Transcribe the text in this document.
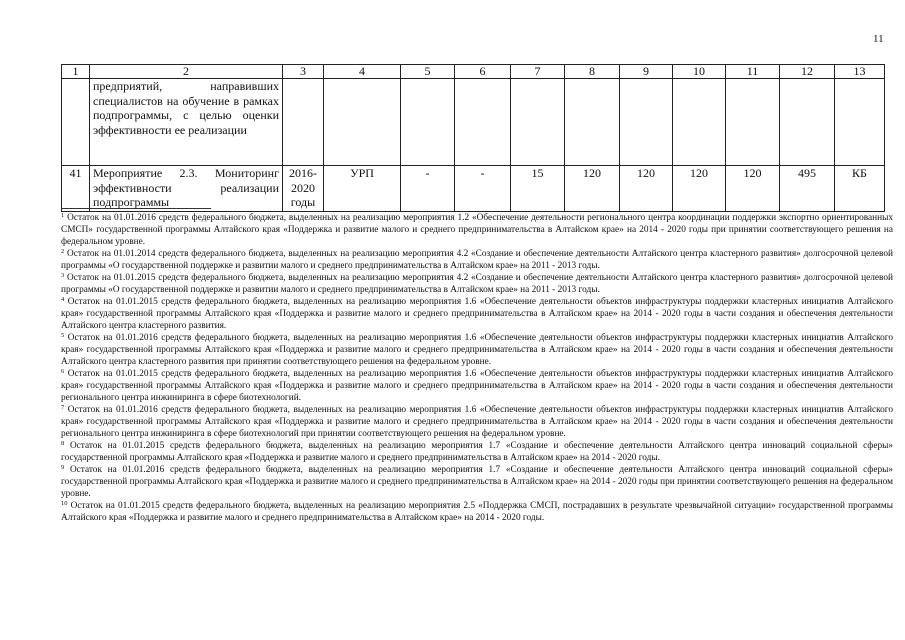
11
1	2	3	4	5	6	7	8	9	10	11	12	13
	предприятий, направивших специалистов на обучение в рамках подпрограммы, с целью оценки эффективности ее реализации											
41	Мероприятие 2.3. Мониторинг эффективности реализации подпрограммы	2016-2020 годы	УРП	-	-	15	120	120	120	120	495	КБ

$^1$ Остаток на 01.01.2016 средств федерального бюджета, выделенных на реализацию мероприятия 1.2 «Обеспечение деятельности регионального центра координации поддержки экспортно ориентированных СМСП» государственной программы Алтайского края «Поддержка и развитие малого и среднего предпринимательства в Алтайском крае» на 2014 - 2020 годы при принятии соответствующего решения на федеральном уровне.

$^2$ Остаток на 01.01.2014 средств федерального бюджета, выделенных на реализацию мероприятия 4.2 «Создание и обеспечение деятельности Алтайского центра кластерного развития» долгосрочной целевой программы «О государственной поддержке и развитии малого и среднего предпринимательства в Алтайском крае» на 2011 - 2013 годы.

$^3$ Остаток на 01.01.2015 средств федерального бюджета, выделенных на реализацию мероприятия 4.2 «Создание и обеспечение деятельности Алтайского центра кластерного развития» долгосрочной целевой программы «О государственной поддержке и развитии малого и среднего предпринимательства в Алтайском крае» на 2011 - 2013 годы.

$^4$ Остаток на 01.01.2015 средств федерального бюджета, выделенных на реализацию мероприятия 1.6 «Обеспечение деятельности объектов инфраструктуры поддержки кластерных инициатив Алтайского края» государственной программы Алтайского края «Поддержка и развитие малого и среднего предпринимательства в Алтайском крае» на 2014 - 2020 годы в части создания и обеспечения деятельности Алтайского центра кластерного развития.

$^5$ Остаток на 01.01.2016 средств федерального бюджета, выделенных на реализацию мероприятия 1.6 «Обеспечение деятельности объектов инфраструктуры поддержки кластерных инициатив Алтайского края» государственной программы Алтайского края «Поддержка и развитие малого и среднего предпринимательства в Алтайском крае» на 2014 - 2020 годы в части создания и обеспечения деятельности Алтайского центра кластерного развития при принятии соответствующего решения на федеральном уровне.

$^6$ Остаток на 01.01.2015 средств федерального бюджета, выделенных на реализацию мероприятия 1.6 «Обеспечение деятельности объектов инфраструктуры поддержки кластерных инициатив Алтайского края» государственной программы Алтайского края «Поддержка и развитие малого и среднего предпринимательства в Алтайском крае» на 2014 - 2020 годы в части создания и обеспечения деятельности регионального центра инжиниринга в сфере биотехнологий.

$^7$ Остаток на 01.01.2016 средств федерального бюджета, выделенных на реализацию мероприятия 1.6 «Обеспечение деятельности объектов инфраструктуры поддержки кластерных инициатив Алтайского края» государственной программы Алтайского края «Поддержка и развитие малого и среднего предпринимательства в Алтайском крае» на 2014 - 2020 годы в части создания и обеспечения деятельности регионального центра инжиниринга в сфере биотехнологий при принятии соответствующего решения на федеральном уровне.

$^8$ Остаток на 01.01.2015 средств федерального бюджета, выделенных на реализацию мероприятия 1.7 «Создание и обеспечение деятельности Алтайского центра инноваций социальной сферы» государственной программы Алтайского края «Поддержка и развитие малого и среднего предпринимательства в Алтайском крае» на 2014 - 2020 годы.

$^9$ Остаток на 01.01.2016 средств федерального бюджета, выделенных на реализацию мероприятия 1.7 «Создание и обеспечение деятельности Алтайского центра инноваций социальной сферы» государственной программы Алтайского края «Поддержка и развитие малого и среднего предпринимательства в Алтайском крае» на 2014 - 2020 годы при принятии соответствующего решения на федеральном уровне.

$^{10}$ Остаток на 01.01.2015 средств федерального бюджета, выделенных на реализацию мероприятия 2.5 «Поддержка СМСП, пострадавших в результате чрезвычайной ситуации» государственной программы Алтайского края «Поддержка и развитие малого и среднего предпринимательства в Алтайском крае» на 2014 - 2020 годы.
